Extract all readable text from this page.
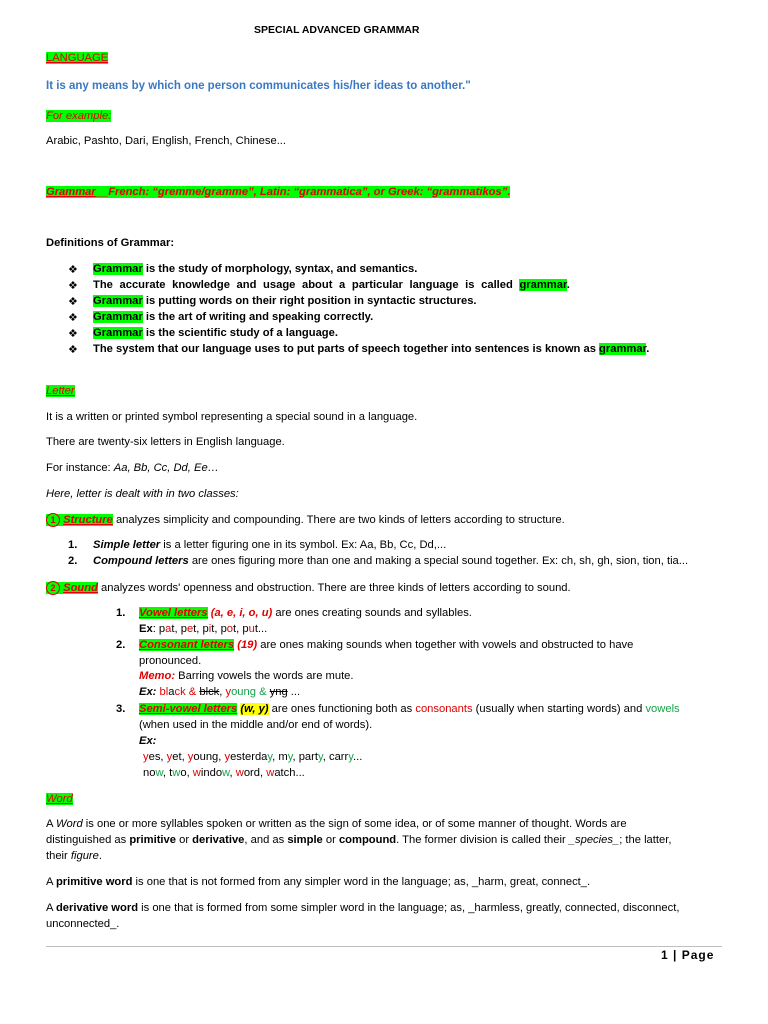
SPECIAL ADVANCED GRAMMAR
LANGUAGE
It is any means by which one person communicates his/her ideas to another."
For example:
Arabic, Pashto, Dari, English, French, Chinese...
Grammar__French: “gremme/gramme”, Latin: “grammatica”, or Greek: “grammatikos”.
Definitions of Grammar:
❖ Grammar is the study of morphology, syntax, and semantics.
❖ The accurate knowledge and usage about a particular language is called grammar.
❖ Grammar is putting words on their right position in syntactic structures.
❖ Grammar is the art of writing and speaking correctly.
❖ Grammar is the scientific study of a language.
❖ The system that our language uses to put parts of speech together into sentences is known as grammar.
Letter
It is a written or printed symbol representing a special sound in a language.
There are twenty-six letters in English language.
For instance: Aa, Bb, Cc, Dd, Ee…
Here, letter is dealt with in two classes:
1 Structure analyzes simplicity and compounding. There are two kinds of letters according to structure.
1. Simple letter is a letter figuring one in its symbol. Ex: Aa, Bb, Cc, Dd,...
2. Compound letters are ones figuring more than one and making a special sound together. Ex: ch, sh, gh, sion, tion, tia...
2 Sound analyzes words' openness and obstruction. There are three kinds of letters according to sound.
1. Vowel letters (a, e, i, o, u) are ones creating sounds and syllables.
Ex: pat, pet, pit, pot, put...
2. Consonant letters (19) are ones making sounds when together with vowels and obstructed to have
pronounced.
Memo: Barring vowels the words are mute.
Ex: black & blck, young & yng ...
3. Semi-vowel letters (w, y) are ones functioning both as consonants (usually when starting words) and vowels
(when used in the middle and/or end of words).
Ex:
yes, yet, young, yesterday, my, party, carry...
now, two, window, word, watch...
Word
A Word is one or more syllables spoken or written as the sign of some idea, or of some manner of thought. Words are
distinguished as primitive or derivative, and as simple or compound. The former division is called their _species_; the latter,
their figure.
A primitive word is one that is not formed from any simpler word in the language; as, _harm, great, connect_.
A derivative word is one that is formed from some simpler word in the language; as, _harmless, greatly, connected, disconnect,
unconnected_.
1 | Page
